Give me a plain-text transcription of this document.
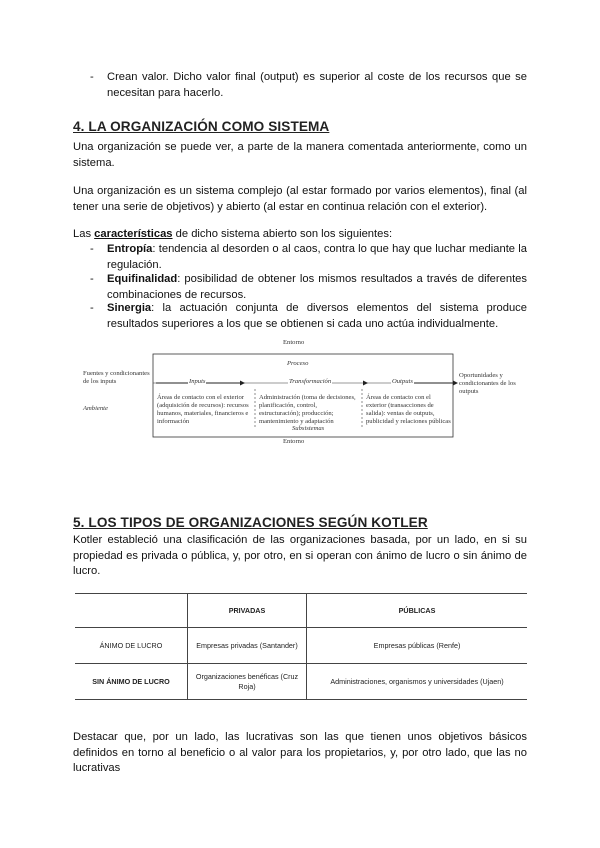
- Crean valor. Dicho valor final (output) es superior al coste de los recursos que se necesitan para hacerlo.

4. LA ORGANIZACIÓN COMO SISTEMA

Una organización se puede ver, a parte de la manera comentada anteriormente, como un sistema.

Una organización es un sistema complejo (al estar formado por varios elementos), final (al tener una serie de objetivos) y abierto (al estar en continua relación con el exterior).

Las características de dicho sistema abierto son los siguientes:

- Entropía: tendencia al desorden o al caos, contra lo que hay que luchar mediante la regulación.

- Equifinalidad: posibilidad de obtener los mismos resultados a través de diferentes combinaciones de recursos.

- Sinergia: la actuación conjunta de diversos elementos del sistema produce resultados superiores a los que se obtienen si cada uno actúa individualmente.

Entorno
Proceso
Fuentes y condicionantes de los inputs
Ambiente
Oportunidades y condicionantes de los outputs
Inputs	Transformación	Outputs
Áreas de contacto con el exterior (adquisición de recursos): recursos humanos, materiales, financieros e información
Administración (toma de decisiones, planificación, control, estructuración); producción; mantenimiento y adaptación
Áreas de contacto con el exterior (transacciones de salida): ventas de outputs, publicidad y relaciones públicas
Subsistemas
Entorno
5. LOS TIPOS DE ORGANIZACIONES SEGÚN KOTLER

Kotler estableció una clasificación de las organizaciones basada, por un lado, en si su propiedad es privada o pública, y, por otro, en si operan con ánimo de lucro o sin ánimo de lucro.

	PRIVADAS	PÚBLICAS
ÁNIMO DE LUCRO	Empresas privadas (Santander)	Empresas públicas (Renfe)
SIN ÁNIMO DE LUCRO	Organizaciones benéficas (Cruz Roja)	Administraciones, organismos y universidades (Ujaen)

Destacar que, por un lado, las lucrativas son las que tienen unos objetivos básicos definidos en torno al beneficio o al valor para los propietarios, y, por otro lado, que las no lucrativas
